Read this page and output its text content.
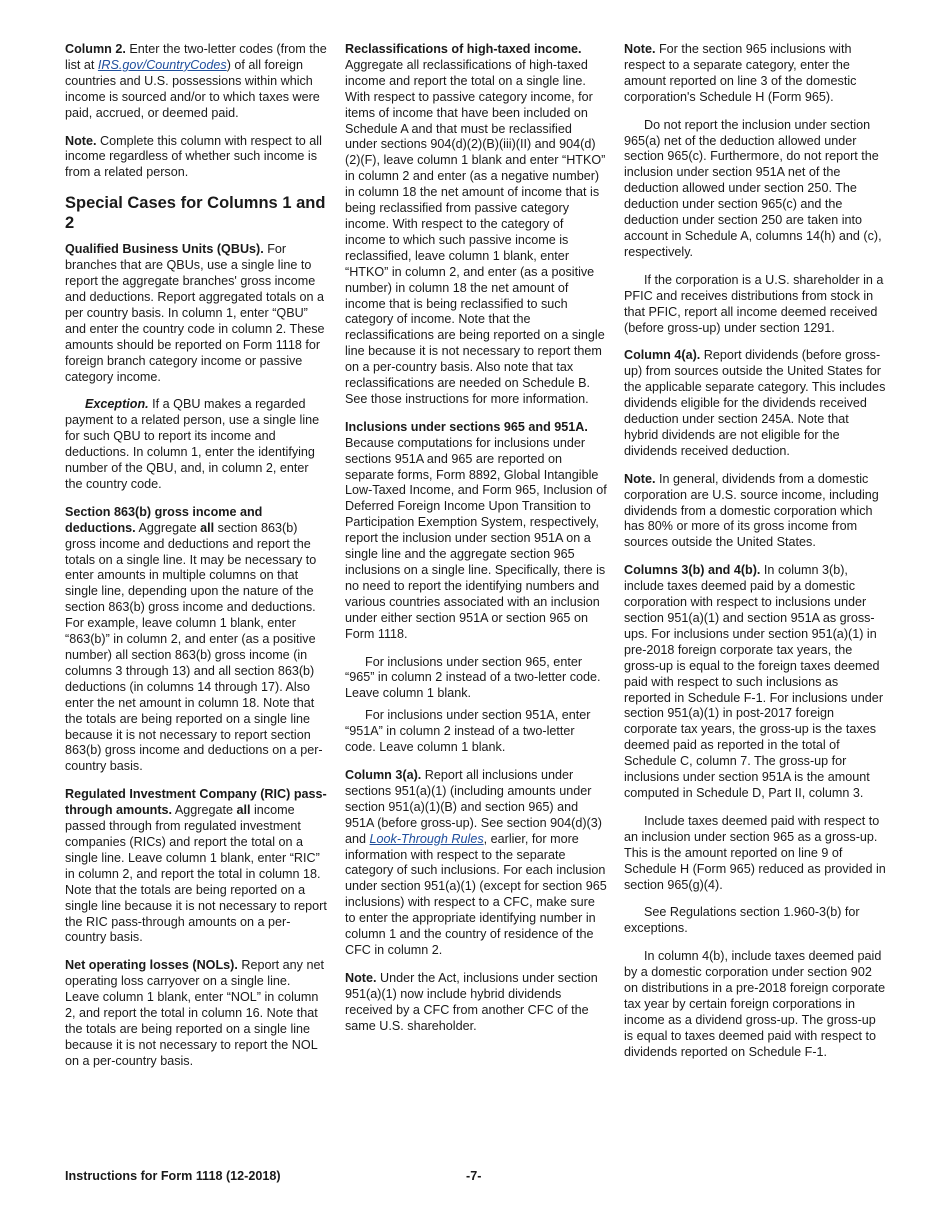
Column 2. Enter the two-letter codes (from the list at IRS.gov/CountryCodes) of all foreign countries and U.S. possessions within which income is sourced and/or to which taxes were paid, accrued, or deemed paid.

Note. Complete this column with respect to all income regardless of whether such income is from a related person.

Special Cases for Columns 1 and 2

Qualified Business Units (QBUs). For branches that are QBUs, use a single line to report the aggregate branches' gross income and deductions. Report aggregated totals on a per country basis. In column 1, enter “QBU” and enter the country code in column 2. These amounts should be reported on Form 1118 for foreign branch category income or passive category income.

Exception. If a QBU makes a regarded payment to a related person, use a single line for such QBU to report its income and deductions. In column 1, enter the identifying number of the QBU, and, in column 2, enter the country code.

Section 863(b) gross income and deductions. Aggregate all section 863(b) gross income and deductions and report the totals on a single line. It may be necessary to enter amounts in multiple columns on that single line, depending upon the nature of the section 863(b) gross income and deductions. For example, leave column 1 blank, enter “863(b)” in column 2, and enter (as a positive number) all section 863(b) gross income (in columns 3 through 13) and all section 863(b) deductions (in columns 14 through 17). Also enter the net amount in column 18. Note that the totals are being reported on a single line because it is not necessary to report section 863(b) gross income and deductions on a per-country basis.

Regulated Investment Company (RIC) pass-through amounts. Aggregate all income passed through from regulated investment companies (RICs) and report the total on a single line. Leave column 1 blank, enter “RIC” in column 2, and report the total in column 18. Note that the totals are being reported on a single line because it is not necessary to report the RIC pass-through amounts on a per-country basis.

Net operating losses (NOLs). Report any net operating loss carryover on a single line. Leave column 1 blank, enter “NOL” in column 2, and report the total in column 16. Note that the totals are being reported on a single line because it is not necessary to report the NOL on a per-country basis.

Reclassifications of high-taxed income. Aggregate all reclassifications of high-taxed income and report the total on a single line. With respect to passive category income, for items of income that have been included on Schedule A and that must be reclassified under sections 904(d)(2)(B)(iii)(II) and 904(d)(2)(F), leave column 1 blank and enter “HTKO” in column 2 and enter (as a negative number) in column 18 the net amount of income that is being reclassified from passive category income. With respect to the category of income to which such passive income is reclassified, leave column 1 blank, enter “HTKO” in column 2, and enter (as a positive number) in column 18 the net amount of income that is being reclassified to such category of income. Note that the reclassifications are being reported on a single line because it is not necessary to report them on a per-country basis. Also note that tax reclassifications are needed on Schedule B. See those instructions for more information.

Inclusions under sections 965 and 951A. Because computations for inclusions under sections 951A and 965 are reported on separate forms, Form 8892, Global Intangible Low-Taxed Income, and Form 965, Inclusion of Deferred Foreign Income Upon Transition to Participation Exemption System, respectively, report the inclusion under section 951A on a single line and the aggregate section 965 inclusions on a single line. Specifically, there is no need to report the identifying numbers and various countries associated with an inclusion under either section 951A or section 965 on Form 1118.

For inclusions under section 965, enter “965” in column 2 instead of a two-letter code. Leave column 1 blank.

For inclusions under section 951A, enter “951A” in column 2 instead of a two-letter code. Leave column 1 blank.

Column 3(a). Report all inclusions under sections 951(a)(1) (including amounts under section 951(a)(1)(B) and section 965) and 951A (before gross-up). See section 904(d)(3) and Look-Through Rules, earlier, for more information with respect to the separate category of such inclusions. For each inclusion under section 951(a)(1) (except for section 965 inclusions) with respect to a CFC, make sure to enter the appropriate identifying number in column 1 and the country of residence of the CFC in column 2.

Note. Under the Act, inclusions under section 951(a)(1) now include hybrid dividends received by a CFC from another CFC of the same U.S. shareholder.

Note. For the section 965 inclusions with respect to a separate category, enter the amount reported on line 3 of the domestic corporation's Schedule H (Form 965).

Do not report the inclusion under section 965(a) net of the deduction allowed under section 965(c). Furthermore, do not report the inclusion under section 951A net of the deduction allowed under section 250. The deduction under section 965(c) and the deduction under section 250 are taken into account in Schedule A, columns 14(h) and (c), respectively.

If the corporation is a U.S. shareholder in a PFIC and receives distributions from stock in that PFIC, report all income deemed received (before gross-up) under section 1291.

Column 4(a). Report dividends (before gross-up) from sources outside the United States for the applicable separate category. This includes dividends eligible for the dividends received deduction under section 245A. Note that hybrid dividends are not eligible for the dividends received deduction.

Note. In general, dividends from a domestic corporation are U.S. source income, including dividends from a domestic corporation which has 80% or more of its gross income from sources outside the United States.

Columns 3(b) and 4(b). In column 3(b), include taxes deemed paid by a domestic corporation with respect to inclusions under section 951(a)(1) and section 951A as gross-ups. For inclusions under section 951(a)(1) in pre-2018 foreign corporate tax years, the gross-up is equal to the foreign taxes deemed paid with respect to such inclusions as reported in Schedule F-1. For inclusions under section 951(a)(1) in post-2017 foreign corporate tax years, the gross-up is the taxes deemed paid as reported in the total of Schedule C, column 7. The gross-up for inclusions under section 951A is the amount computed in Schedule D, Part II, column 3.

Include taxes deemed paid with respect to an inclusion under section 965 as a gross-up. This is the amount reported on line 9 of Schedule H (Form 965) reduced as provided in section 965(g)(4).

See Regulations section 1.960-3(b) for exceptions.

In column 4(b), include taxes deemed paid by a domestic corporation under section 902 on distributions in a pre-2018 foreign corporate tax year by certain foreign corporations in income as a dividend gross-up. The gross-up is equal to taxes deemed paid with respect to dividends reported on Schedule F-1.

Instructions for Form 1118 (12-2018)	-7-
